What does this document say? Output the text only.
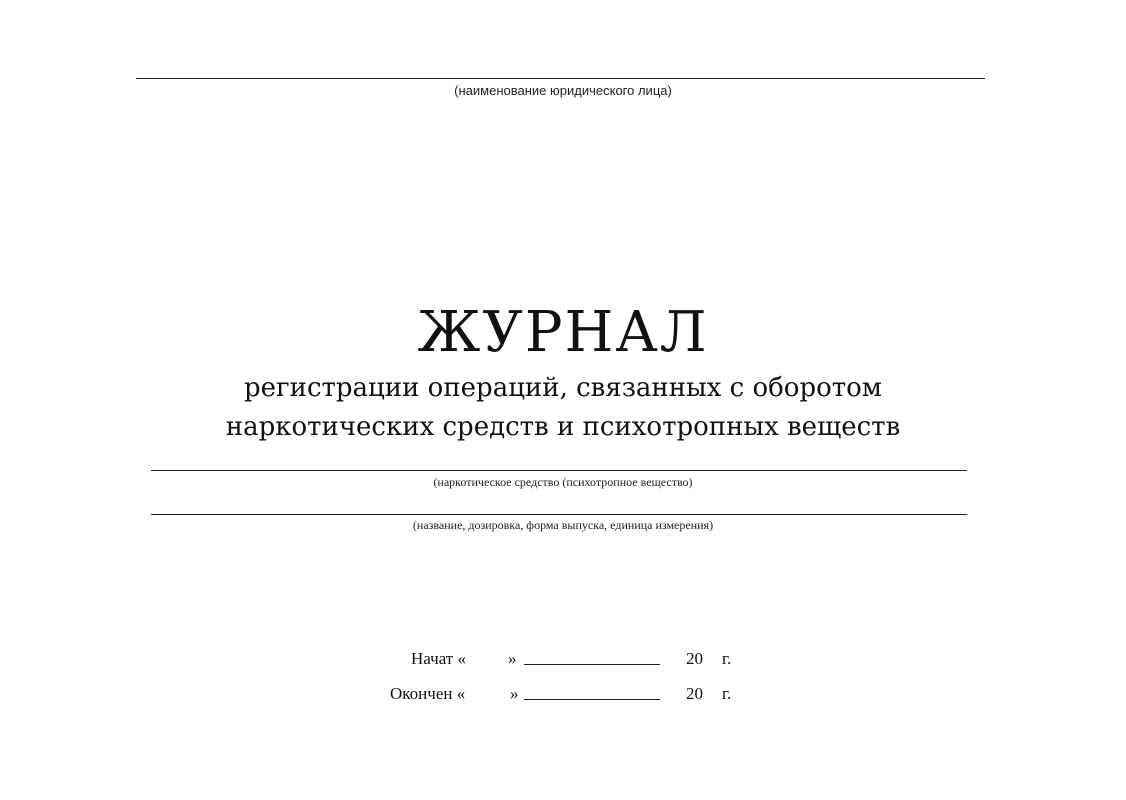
(наименование юридического лица)
ЖУРНАЛ
регистрации операций, связанных с оборотом
наркотических средств и психотропных веществ
(наркотическое средство (психотропное вещество)
(название, дозировка, форма выпуска, единица измерения)
Начат « »	20 г.
Окончен «	»	20 г.
